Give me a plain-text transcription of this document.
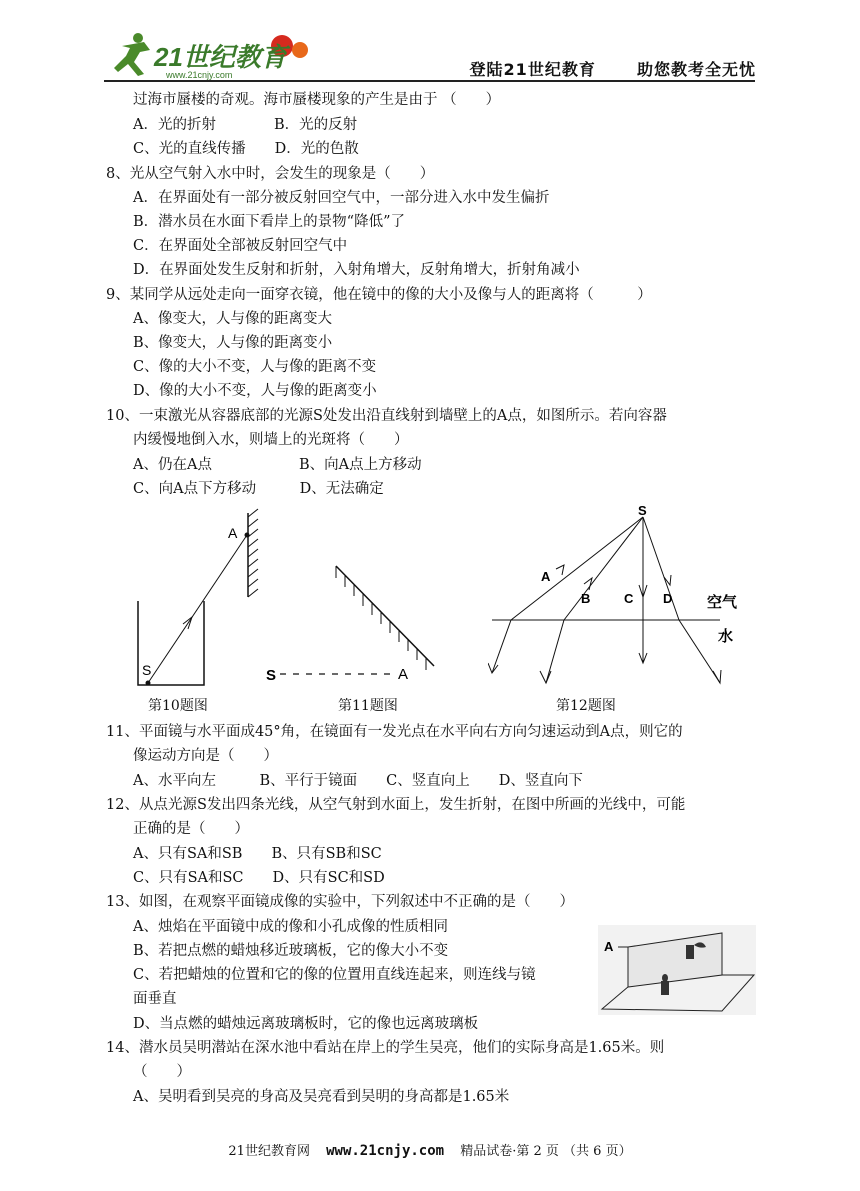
21世纪教育
www.21cnjy.com	登陆21世纪教育	助您教考全无忧
过海市蜃楼的奇观。海市蜃楼现象的产生是由于 （　　）
A．光的折射　　　　B．光的反射
C、光的直线传播　　D．光的色散
8、光从空气射入水中时，会发生的现象是（　　）
A．在界面处有一部分被反射回空气中，一部分进入水中发生偏折
B．潜水员在水面下看岸上的景物“降低”了
C．在界面处全部被反射回空气中
D．在界面处发生反射和折射，入射角增大，反射角增大，折射角减小
9、某同学从远处走向一面穿衣镜，他在镜中的像的大小及像与人的距离将（　　　）
A、像变大，人与像的距离变大
B、像变大，人与像的距离变小
C、像的大小不变，人与像的距离不变
D、像的大小不变，人与像的距离变小
10、一束激光从容器底部的光源S处发出沿直线射到墙壁上的A点，如图所示。若向容器
内缓慢地倒入水，则墙上的光斑将（　　）
A、仍在A点　　　　　　B、向A点上方移动
C、向A点下方移动　　　D、无法确定
A
S	S	A
S
A
B	C D 空气
水
第10题图	第11题图	第12题图
11、平面镜与水平面成45°角，在镜面有一发光点在水平向右方向匀速运动到A点，则它的
像运动方向是（　　）
A、水平向左　　　B、平行于镜面　　C、竖直向上　　D、竖直向下
12、从点光源S发出四条光线，从空气射到水面上，发生折射，在图中所画的光线中，可能
正确的是（　　）
A、只有SA和SB　　B、只有SB和SC
C、只有SA和SC　　D、只有SC和SD
13、如图，在观察平面镜成像的实验中，下列叙述中不正确的是（　　）
A、烛焰在平面镜中成的像和小孔成像的性质相同
B、若把点燃的蜡烛移近玻璃板，它的像大小不变
C、若把蜡烛的位置和它的像的位置用直线连起来，则连线与镜
面垂直
D、当点燃的蜡烛远离玻璃板时，它的像也远离玻璃板
A
14、潜水员吴明潜站在深水池中看站在岸上的学生吴亮，他们的实际身高是1.65米。则
（　　）
A、吴明看到吴亮的身高及吴亮看到吴明的身高都是1.65米
21世纪教育网 www.21cnjy.com 精品试卷·第 2 页 （共 6 页）
